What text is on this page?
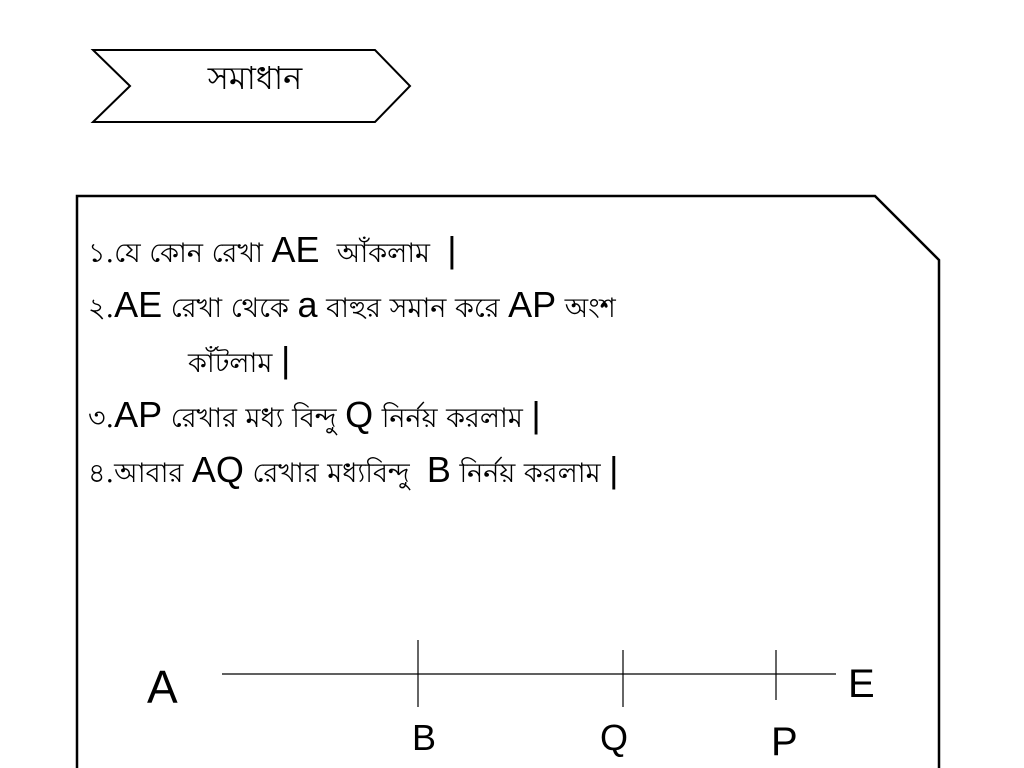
সমাধান
১.যে কোন রেখা AE  আঁকলাম  |
২.AE রেখা থেকে a বাহুর সমান করে AP অংশ
কাঁটলাম |
৩.AP রেখার মধ্য বিন্দু Q নির্নয় করলাম |
৪.আবার AQ রেখার মধ্যবিন্দু  B নির্নয় করলাম |
A	E
B	Q	P
